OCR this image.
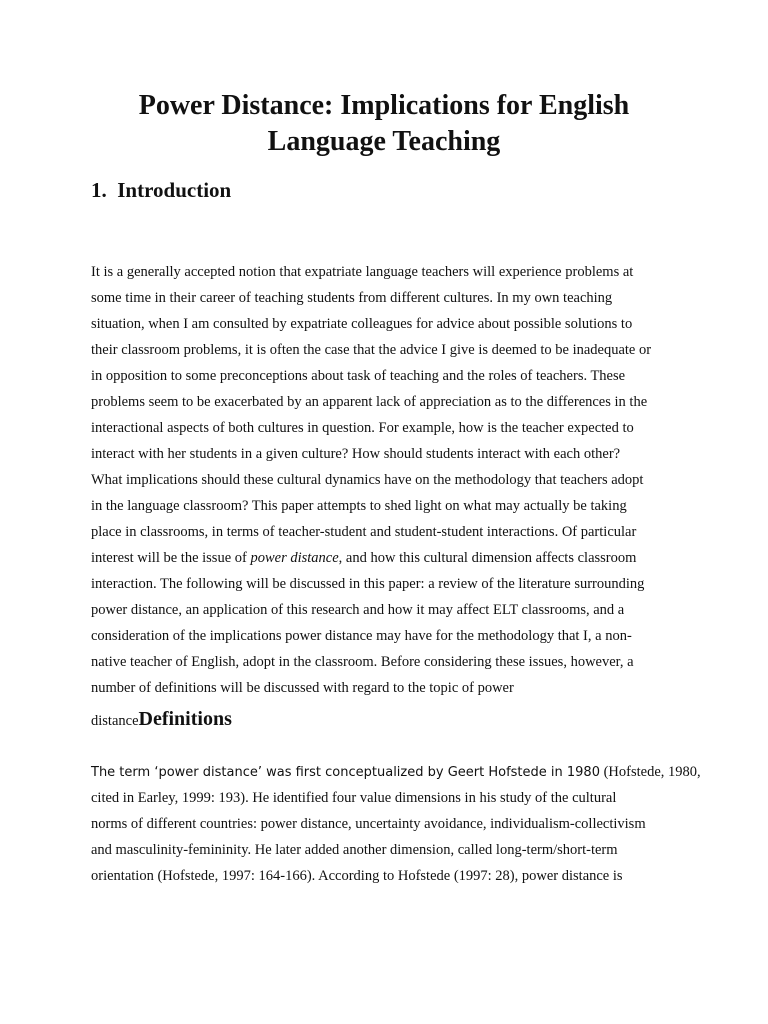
Power Distance: Implications for English
Language Teaching
1.  Introduction
It is a generally accepted notion that expatriate language teachers will experience problems at
some time in their career of teaching students from different cultures. In my own teaching
situation, when I am consulted by expatriate colleagues for advice about possible solutions to
their classroom problems, it is often the case that the advice I give is deemed to be inadequate or
in opposition to some preconceptions about task of teaching and the roles of teachers. These
problems seem to be exacerbated by an apparent lack of appreciation as to the differences in the
interactional aspects of both cultures in question. For example, how is the teacher expected to
interact with her students in a given culture? How should students interact with each other?
What implications should these cultural dynamics have on the methodology that teachers adopt
in the language classroom? This paper attempts to shed light on what may actually be taking
place in classrooms, in terms of teacher-student and student-student interactions. Of particular
interest will be the issue of power distance, and how this cultural dimension affects classroom
interaction. The following will be discussed in this paper: a review of the literature surrounding
power distance, an application of this research and how it may affect ELT classrooms, and a
consideration of the implications power distance may have for the methodology that I, a non-
native teacher of English, adopt in the classroom. Before considering these issues, however, a
number of definitions will be discussed with regard to the topic of power
distanceDefinitions
The term ‘power distance’ was first conceptualized by Geert Hofstede in 1980 (Hofstede, 1980,
cited in Earley, 1999: 193). He identified four value dimensions in his study of the cultural
norms of different countries: power distance, uncertainty avoidance, individualism-collectivism
and masculinity-femininity. He later added another dimension, called long-term/short-term
orientation (Hofstede, 1997: 164-166). According to Hofstede (1997: 28), power distance is
